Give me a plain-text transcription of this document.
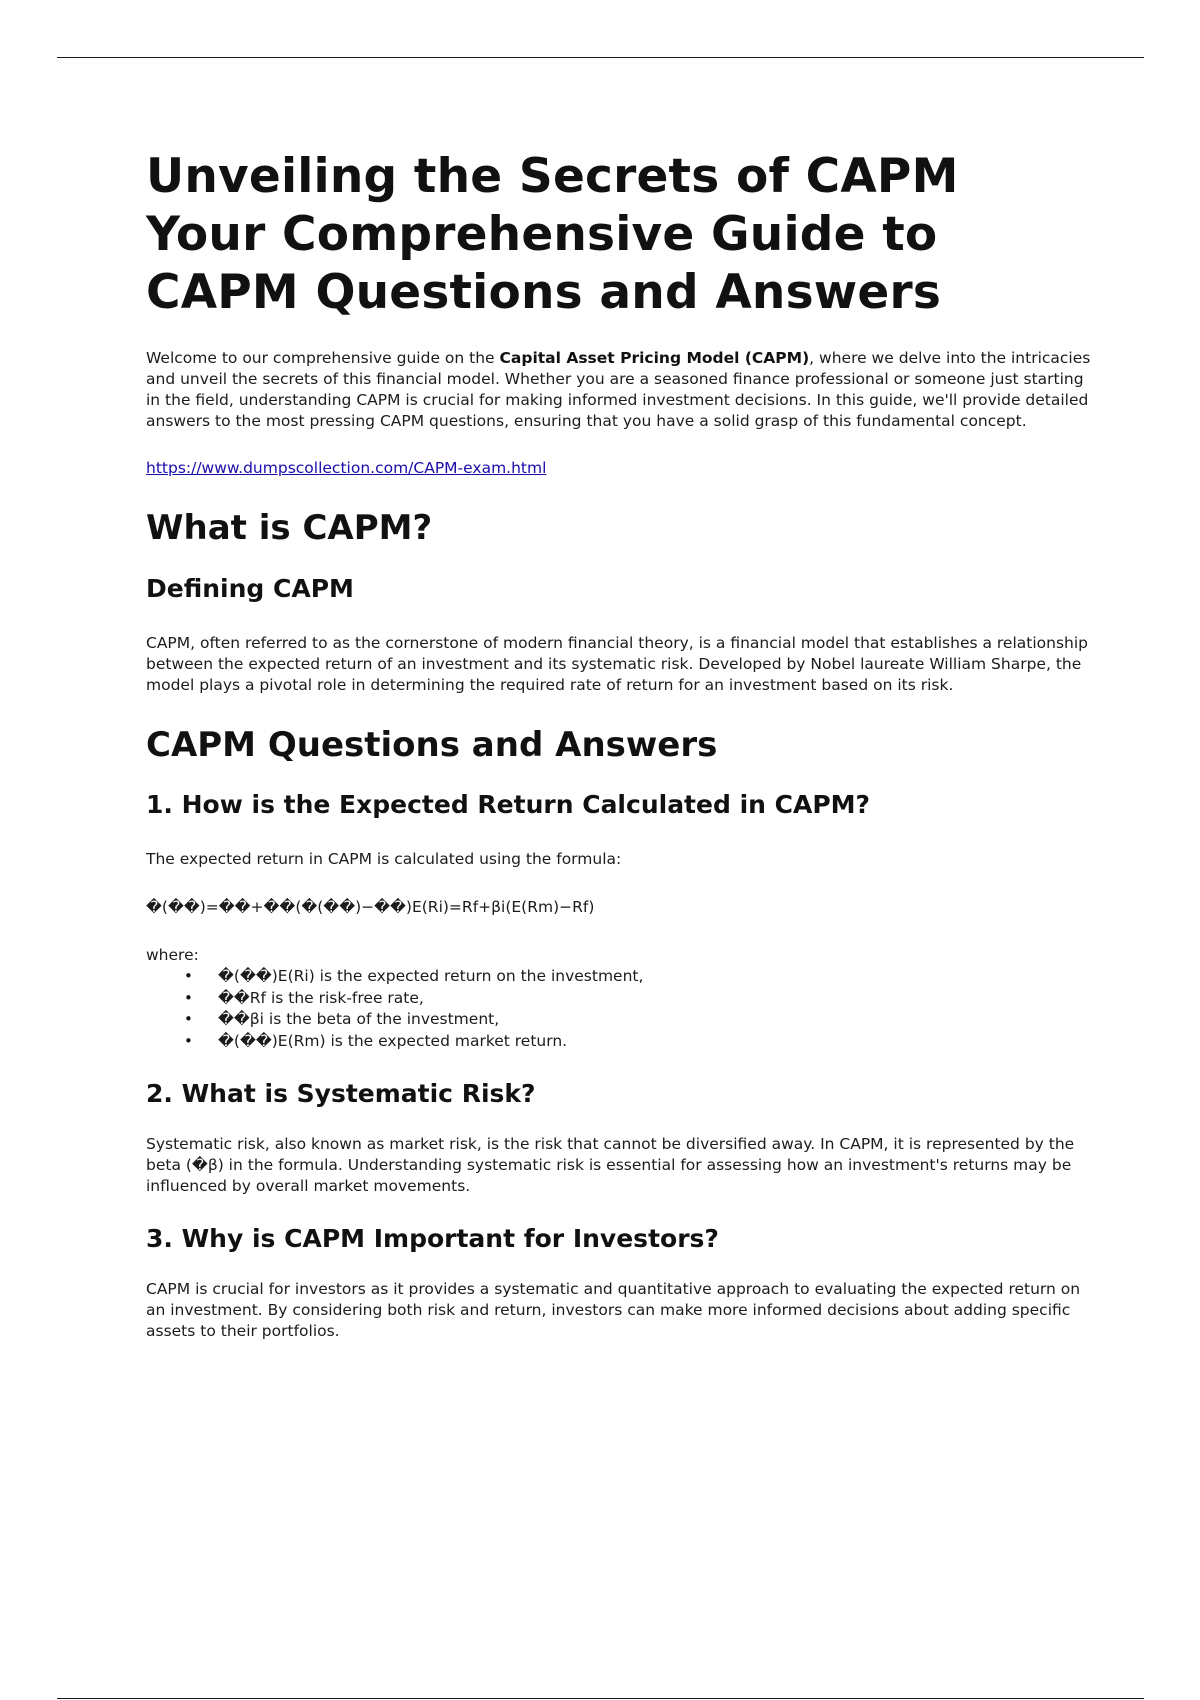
Unveiling the Secrets of CAPM
Your Comprehensive Guide to
CAPM Questions and Answers

Welcome to our comprehensive guide on the Capital Asset Pricing Model (CAPM), where we delve into the intricacies and unveil the secrets of this financial model. Whether you are a seasoned finance professional or someone just starting in the field, understanding CAPM is crucial for making informed investment decisions. In this guide, we'll provide detailed answers to the most pressing CAPM questions, ensuring that you have a solid grasp of this fundamental concept.

https://www.dumpscollection.com/CAPM-exam.html

What is CAPM?
Defining CAPM

CAPM, often referred to as the cornerstone of modern financial theory, is a financial model that establishes a relationship between the expected return of an investment and its systematic risk. Developed by Nobel laureate William Sharpe, the model plays a pivotal role in determining the required rate of return for an investment based on its risk.

CAPM Questions and Answers
1. How is the Expected Return Calculated in CAPM?

The expected return in CAPM is calculated using the formula:

�(��)=��+��(�(��)−��)E(Ri)=Rf+βi(E(Rm)−Rf)

where:

• �(��)E(Ri) is the expected return on the investment,
• ��Rf is the risk-free rate,
• ��βi is the beta of the investment,
• �(��)E(Rm) is the expected market return.
2. What is Systematic Risk?

Systematic risk, also known as market risk, is the risk that cannot be diversified away. In CAPM, it is represented by the beta (�β) in the formula. Understanding systematic risk is essential for assessing how an investment's returns may be influenced by overall market movements.

3. Why is CAPM Important for Investors?

CAPM is crucial for investors as it provides a systematic and quantitative approach to evaluating the expected return on an investment. By considering both risk and return, investors can make more informed decisions about adding specific assets to their portfolios.
